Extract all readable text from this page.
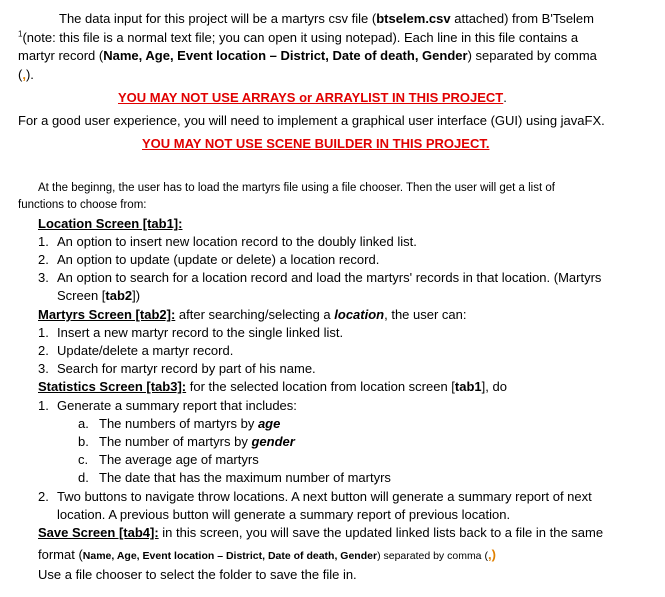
The data input for this project will be a martyrs csv file (btselem.csv attached) from B'Tselem
$^1$(note: this file is a normal text file; you can open it using notepad). Each line in this file contains a
martyr record (Name, Age, Event location – District, Date of death, Gender) separated by comma
(,).
YOU MAY NOT USE ARRAYS or ARRAYLIST IN THIS PROJECT.
For a good user experience, you will need to implement a graphical user interface (GUI) using javaFX.
YOU MAY NOT USE SCENE BUILDER IN THIS PROJECT.
At the beginng, the user has to load the martyrs file using a file chooser. Then the user will get a list of
functions to choose from:
Location Screen [tab1]:
1. An option to insert new location record to the doubly linked list.
2. An option to update (update or delete) a location record.
3. An option to search for a location record and load the martyrs' records in that location. (Martyrs
Screen [tab2])
Martyrs Screen [tab2]: after searching/selecting a location, the user can:
1. Insert a new martyr record to the single linked list.
2. Update/delete a martyr record.
3. Search for martyr record by part of his name.
Statistics Screen [tab3]: for the selected location from location screen [tab1], do
1. Generate a summary report that includes:
a. The numbers of martyrs by age
b. The number of martyrs by gender
c. The average age of martyrs
d. The date that has the maximum number of martyrs
2. Two buttons to navigate throw locations. A next button will generate a summary report of next
location. A previous button will generate a summary report of previous location.
Save Screen [tab4]: in this screen, you will save the updated linked lists back to a file in the same
format (Name, Age, Event location – District, Date of death, Gender) separated by comma (,)
Use a file chooser to select the folder to save the file in.
